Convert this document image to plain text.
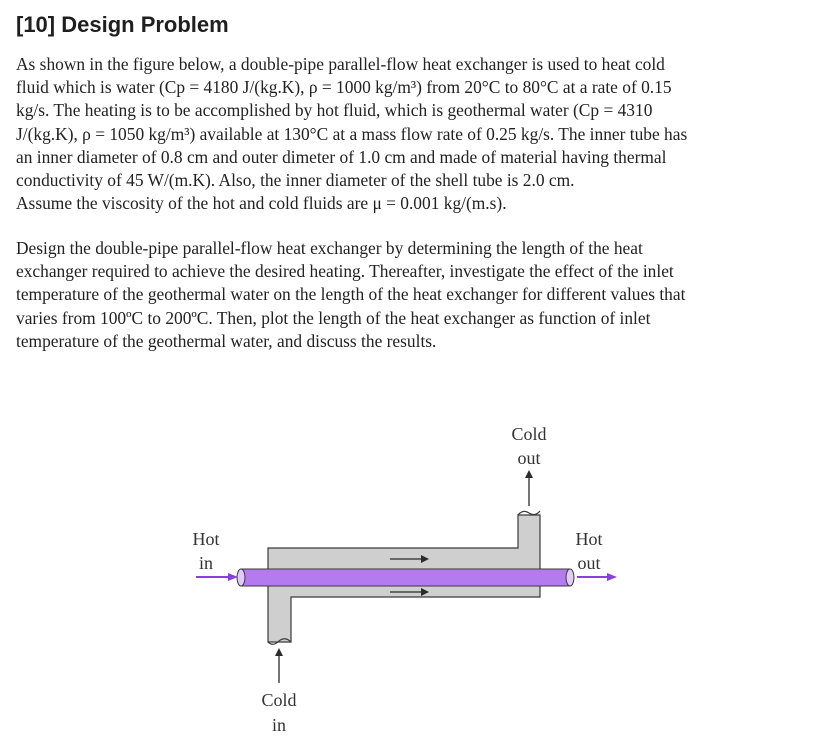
[10] Design Problem
As shown in the figure below, a double-pipe parallel-flow heat exchanger is used to heat cold
fluid which is water (Cp = 4180 J/(kg.K), ρ = 1000 kg/m³) from 20°C to 80°C at a rate of 0.15
kg/s. The heating is to be accomplished by hot fluid, which is geothermal water (Cp = 4310
J/(kg.K), ρ = 1050 kg/m³) available at 130°C at a mass flow rate of 0.25 kg/s. The inner tube has
an inner diameter of 0.8 cm and outer dimeter of 1.0 cm and made of material having thermal
conductivity of 45 W/(m.K). Also, the inner diameter of the shell tube is 2.0 cm.
Assume the viscosity of the hot and cold fluids are μ = 0.001 kg/(m.s).
Design the double-pipe parallel-flow heat exchanger by determining the length of the heat
exchanger required to achieve the desired heating. Thereafter, investigate the effect of the inlet
temperature of the geothermal water on the length of the heat exchanger for different values that
varies from 100ºC to 200ºC. Then, plot the length of the heat exchanger as function of inlet
temperature of the geothermal water, and discuss the results.
Cold
out
Hot
in
Hot
out
Cold
in
